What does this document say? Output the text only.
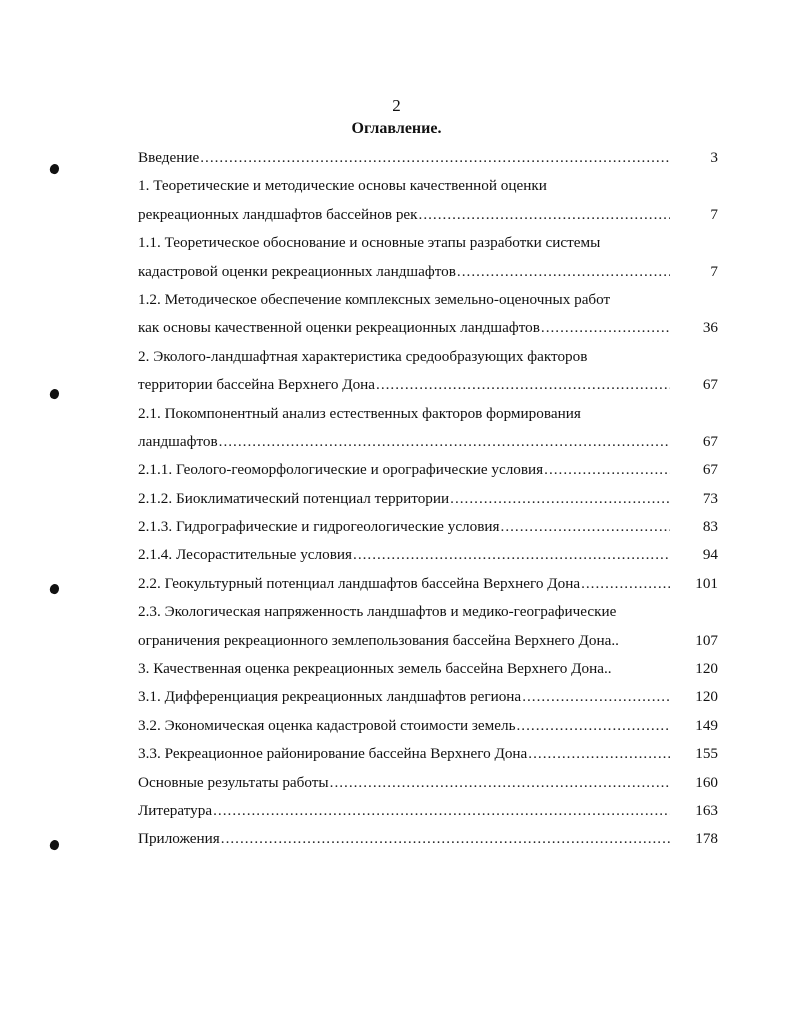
2
Оглавление.
Введение .....	3
1. Теоретические и методические основы качественной оценки
рекреационных ландшафтов бассейнов рек .....	7
1.1. Теоретическое обоснование и основные этапы разработки системы
кадастровой оценки рекреационных ландшафтов .....	7
1.2. Методическое обеспечение комплексных земельно-оценочных работ
как основы качественной оценки рекреационных ландшафтов .....	36
2. Эколого-ландшафтная характеристика средообразующих факторов
территории бассейна Верхнего Дона .....	67
2.1. Покомпонентный анализ естественных факторов формирования
ландшафтов .....	67
2.1.1. Геолого-геоморфологические и орографические условия .....	67
2.1.2. Биоклиматический потенциал территории .....	73
2.1.3. Гидрографические и гидрогеологические условия .....	83
2.1.4. Лесорастительные условия .....	94
2.2. Геокультурный потенциал ландшафтов бассейна Верхнего Дона .....	101
2.3. Экологическая напряженность ландшафтов и медико-географические
ограничения рекреационного землепользования бассейна Верхнего Дона..	107
3. Качественная оценка рекреационных земель бассейна Верхнего Дона..	120
3.1. Дифференциация рекреационных ландшафтов региона .....	120
3.2. Экономическая оценка кадастровой стоимости земель .....	149
3.3. Рекреационное районирование бассейна Верхнего Дона .....	155
Основные результаты работы .....	160
Литература .....	163
Приложения .....	178
